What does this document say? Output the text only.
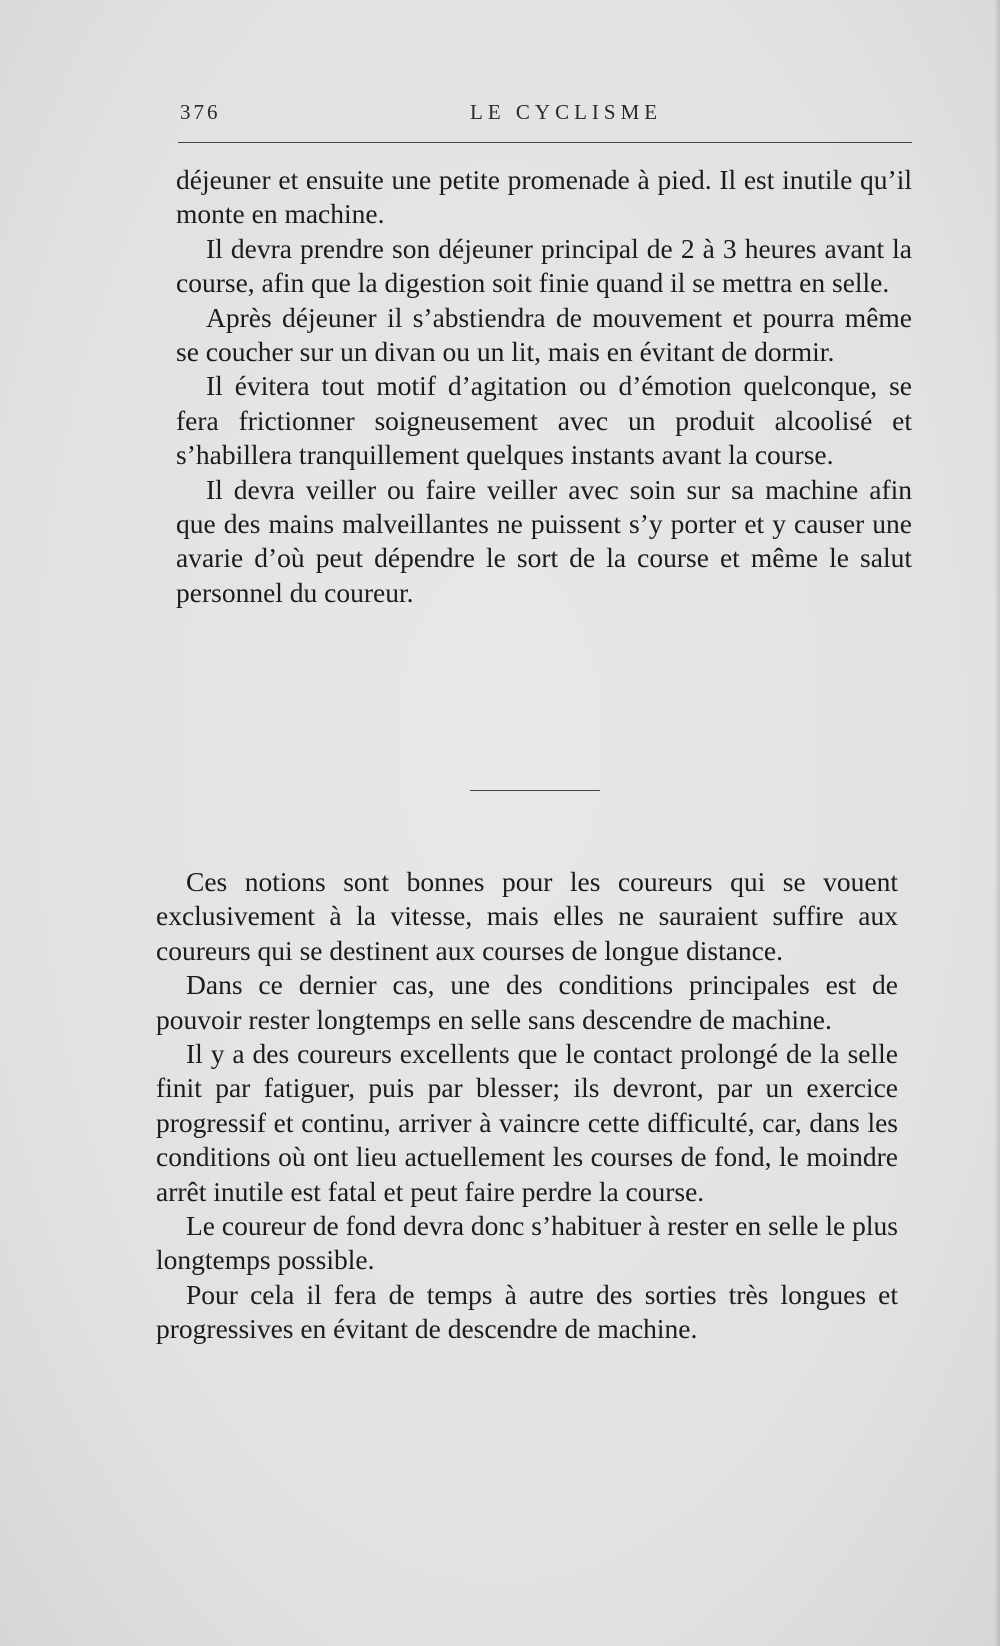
376	LE CYCLISME

déjeuner et ensuite une petite promenade à pied. Il est inutile qu’il monte en machine.

Il devra prendre son déjeuner principal de 2 à 3 heures avant la course, afin que la digestion soit finie quand il se mettra en selle.

Après déjeuner il s’abstiendra de mouvement et pourra même se coucher sur un divan ou un lit, mais en évitant de dormir.

Il évitera tout motif d’agitation ou d’émotion quelconque, se fera frictionner soigneusement avec un produit alcoolisé et s’habillera tranquillement quelques instants avant la course.

Il devra veiller ou faire veiller avec soin sur sa machine afin que des mains malveillantes ne puissent s’y porter et y causer une avarie d’où peut dépendre le sort de la course et même le salut personnel du coureur.

Ces notions sont bonnes pour les coureurs qui se vouent exclusivement à la vitesse, mais elles ne sauraient suffire aux coureurs qui se destinent aux courses de longue distance.

Dans ce dernier cas, une des conditions principales est de pouvoir rester longtemps en selle sans descendre de machine.

Il y a des coureurs excellents que le contact prolongé de la selle finit par fatiguer, puis par blesser; ils devront, par un exercice progressif et continu, arriver à vaincre cette difficulté, car, dans les conditions où ont lieu actuellement les courses de fond, le moindre arrêt inutile est fatal et peut faire perdre la course.

Le coureur de fond devra donc s’habituer à rester en selle le plus longtemps possible.

Pour cela il fera de temps à autre des sorties très longues et progressives en évitant de descendre de machine.
